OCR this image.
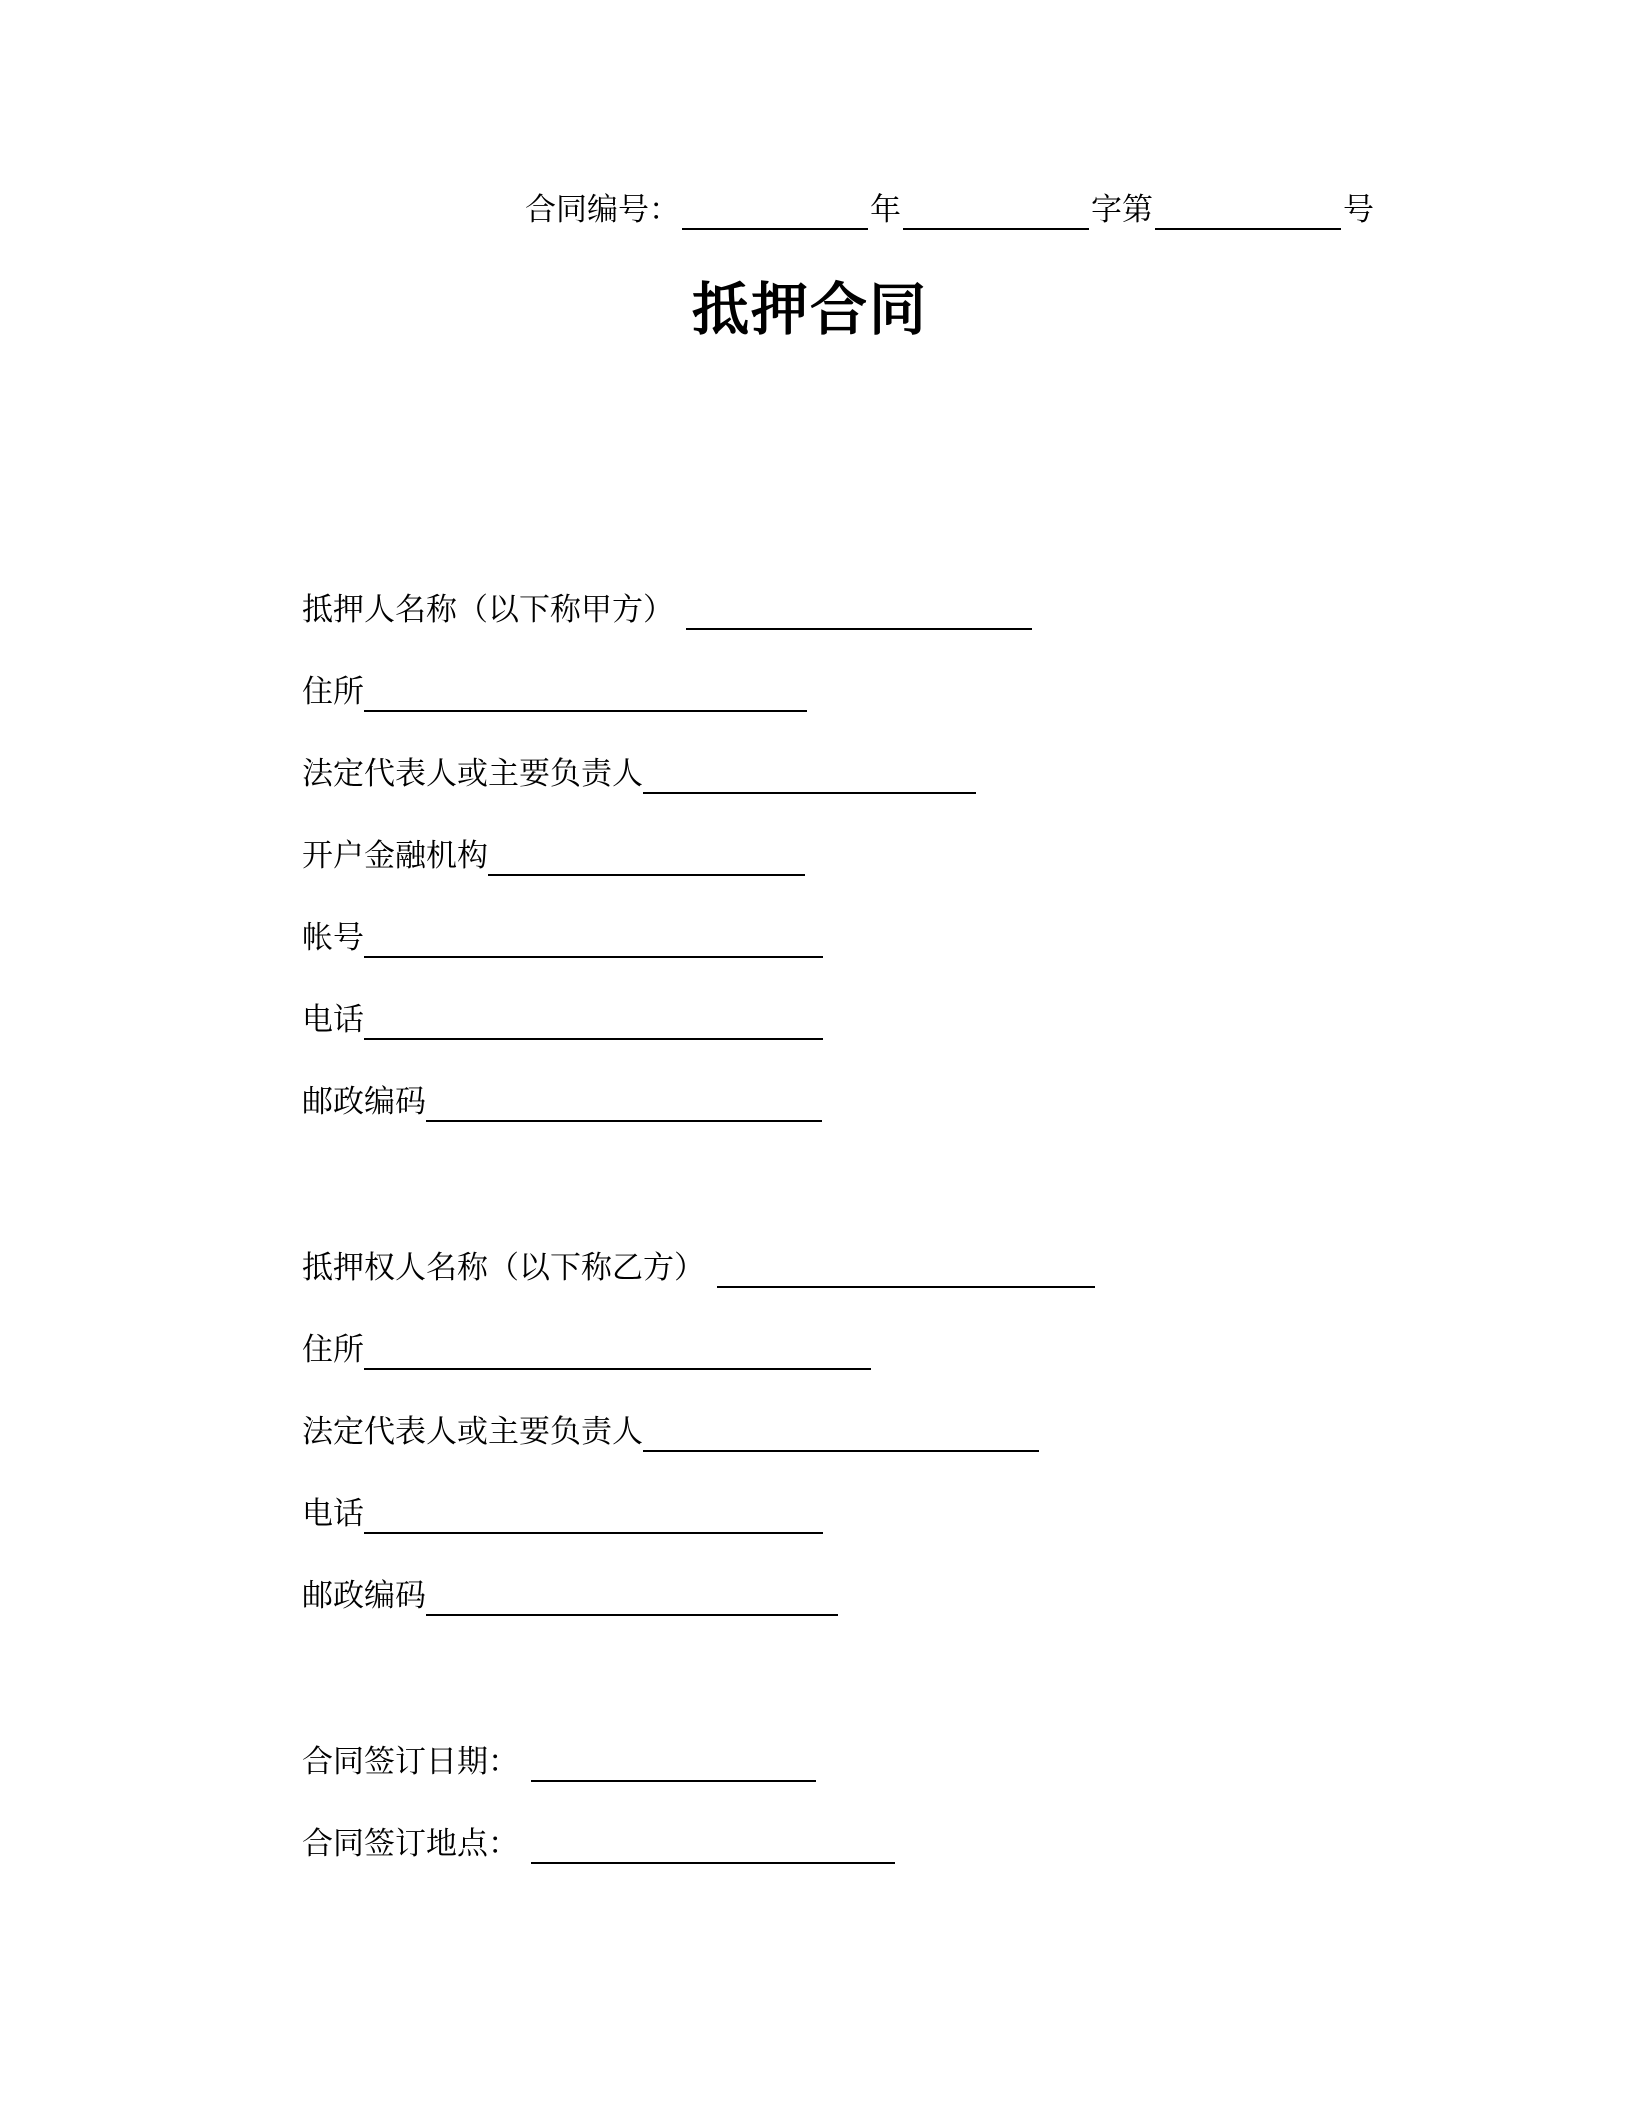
合同编号：	年	字第	号
抵押合同
抵押人名称（以下称甲方）
住所
法定代表人或主要负责人
开户金融机构
帐号
电话
邮政编码
抵押权人名称（以下称乙方）
住所
法定代表人或主要负责人
电话
邮政编码
合同签订日期：
合同签订地点：
